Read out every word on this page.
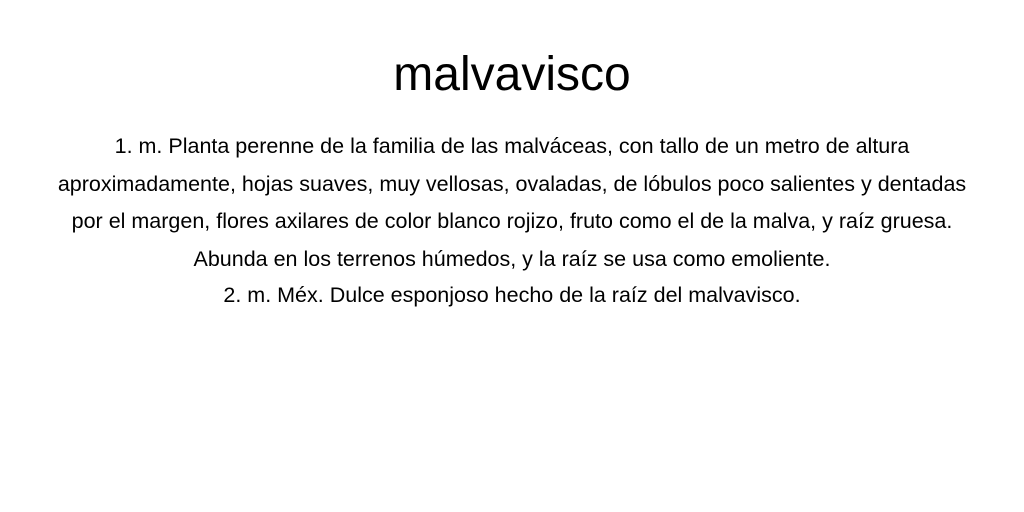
malvavisco

1. m. Planta perenne de la familia de las malváceas, con tallo de un metro de altura aproximadamente, hojas suaves, muy vellosas, ovaladas, de lóbulos poco salientes y dentadas por el margen, flores axilares de color blanco rojizo, fruto como el de la malva, y raíz gruesa. Abunda en los terrenos húmedos, y la raíz se usa como emoliente.

2. m. Méx. Dulce esponjoso hecho de la raíz del malvavisco.
